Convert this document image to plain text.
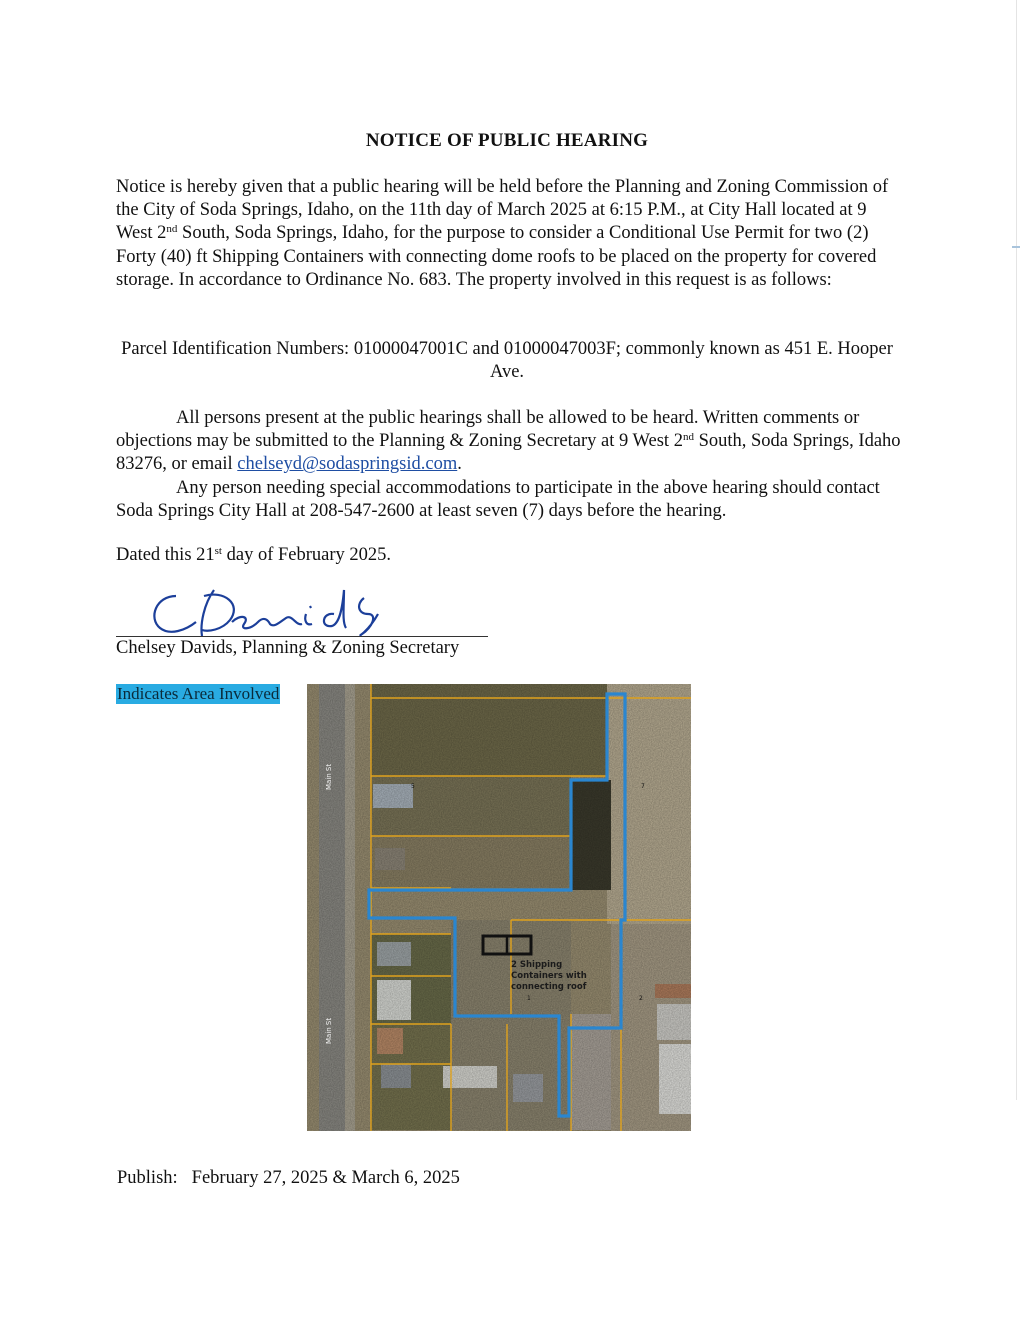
NOTICE OF PUBLIC HEARING
Notice is hereby given that a public hearing will be held before the Planning and Zoning Commission of the City of Soda Springs, Idaho, on the 11th day of March 2025 at 6:15 P.M., at City Hall located at 9 West 2nd South, Soda Springs, Idaho, for the purpose to consider a Conditional Use Permit for two (2) Forty (40) ft Shipping Containers with connecting dome roofs to be placed on the property for covered storage. In accordance to Ordinance No. 683. The property involved in this request is as follows:
Parcel Identification Numbers: 01000047001C and 01000047003F; commonly known as 451 E. Hooper Ave.
All persons present at the public hearings shall be allowed to be heard. Written comments or objections may be submitted to the Planning & Zoning Secretary at 9 West 2nd South, Soda Springs, Idaho 83276, or email chelseyd@sodaspringsid.com.
Any person needing special accommodations to participate in the above hearing should contact Soda Springs City Hall at 208-547-2600 at least seven (7) days before the hearing.
Dated this 21st day of February 2025.
Chelsey Davids, Planning & Zoning Secretary
Indicates Area Involved
Main St
Main St
2 Shipping
Containers with
connecting roof
5	7
1	2
Publish: February 27, 2025 & March 6, 2025
